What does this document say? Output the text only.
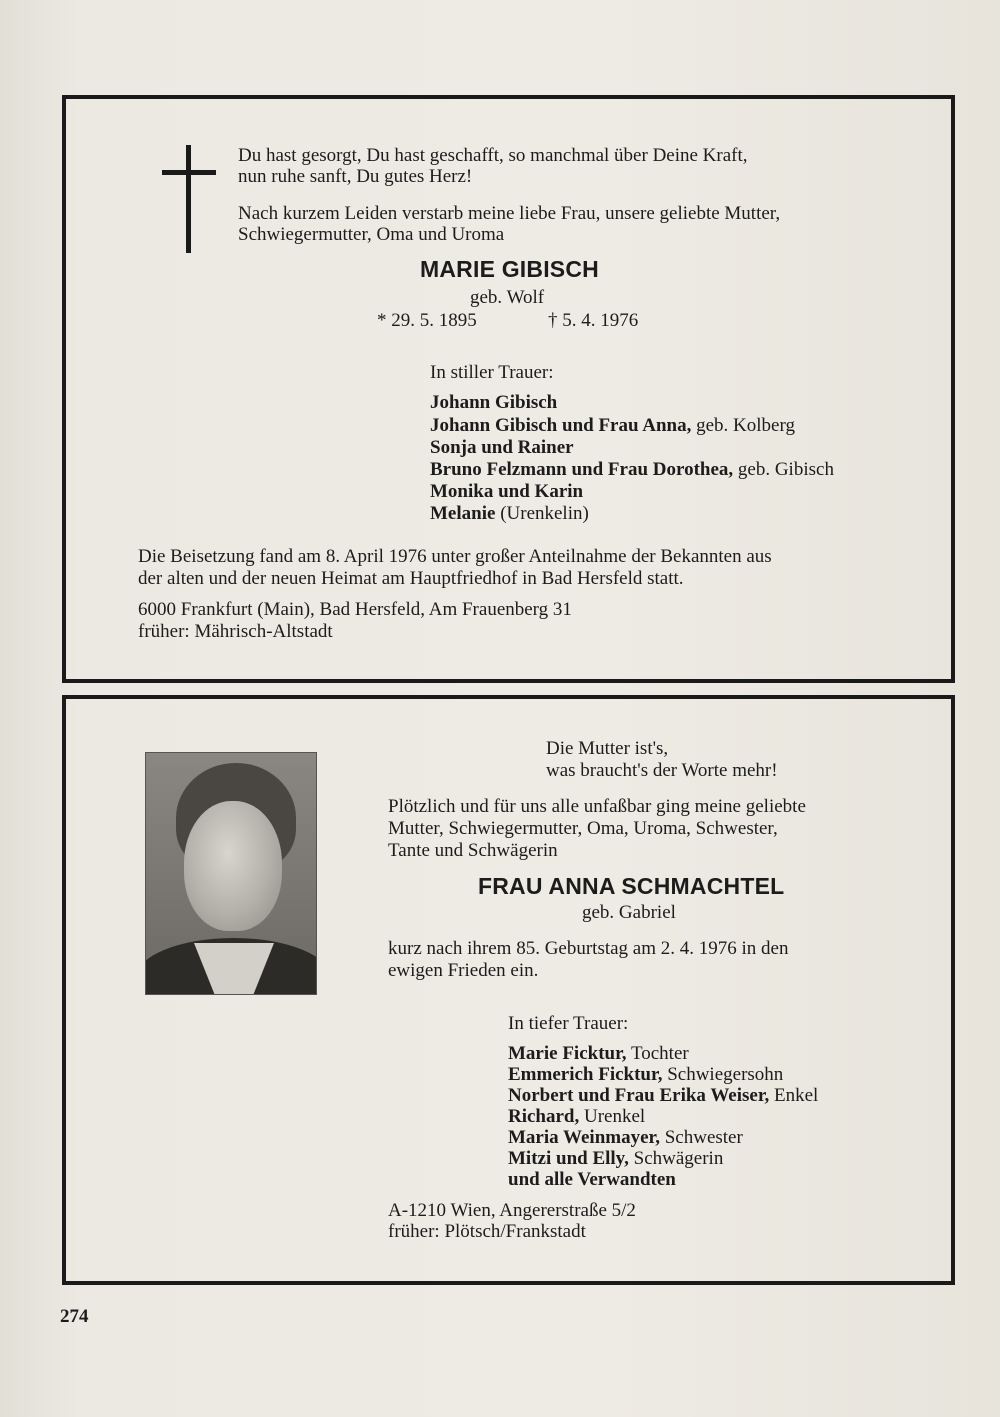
Du hast gesorgt, Du hast geschafft, so manchmal über Deine Kraft,
nun ruhe sanft, Du gutes Herz!
Nach kurzem Leiden verstarb meine liebe Frau, unsere geliebte Mutter,
Schwiegermutter, Oma und Uroma
MARIE GIBISCH
geb. Wolf
* 29. 5. 1895	† 5. 4. 1976
In stiller Trauer:
Johann Gibisch
Johann Gibisch und Frau Anna, geb. Kolberg
Sonja und Rainer
Bruno Felzmann und Frau Dorothea, geb. Gibisch
Monika und Karin
Melanie (Urenkelin)
Die Beisetzung fand am 8. April 1976 unter großer Anteilnahme der Bekannten aus
der alten und der neuen Heimat am Hauptfriedhof in Bad Hersfeld statt.
6000 Frankfurt (Main), Bad Hersfeld, Am Frauenberg 31
früher: Mährisch-Altstadt
Die Mutter ist's,
was braucht's der Worte mehr!
Plötzlich und für uns alle unfaßbar ging meine geliebte
Mutter, Schwiegermutter, Oma, Uroma, Schwester,
Tante und Schwägerin
FRAU ANNA SCHMACHTEL
geb. Gabriel
kurz nach ihrem 85. Geburtstag am 2. 4. 1976 in den
ewigen Frieden ein.
In tiefer Trauer:
Marie Ficktur, Tochter
Emmerich Ficktur, Schwiegersohn
Norbert und Frau Erika Weiser, Enkel
Richard, Urenkel
Maria Weinmayer, Schwester
Mitzi und Elly, Schwägerin
und alle Verwandten
A-1210 Wien, Angererstraße 5/2
früher: Plötsch/Frankstadt
274
